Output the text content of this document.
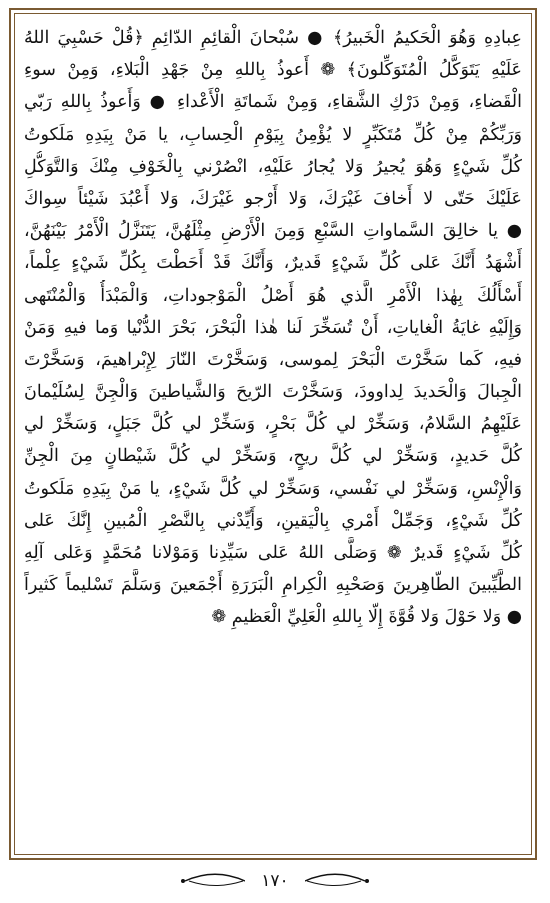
عِبادِهِ وَهُوَ الْحَكيمُ الْخَبيرُ﴾ ● سُبْحانَ الْقائِمِ الدّائِمِ ﴿قُلْ حَسْبِيَ اللهُ
عَلَيْهِ يَتَوَكَّلُ الْمُتَوَكِّلونَ﴾ ❁ أَعوذُ بِاللهِ مِنْ جَهْدِ الْبَلاءِ، وَمِنْ سوءِ
الْقَضاءِ، وَمِنْ دَرْكِ الشَّقاءِ، وَمِنْ شَماتَةِ الْأَعْداءِ ● وَأَعوذُ بِاللهِ رَبّي
وَرَبِّكُمْ مِنْ كُلِّ مُتَكَبِّرٍ لا يُؤْمِنُ بِيَوْمِ الْحِسابِ، يا مَنْ بِيَدِهِ مَلَكوتُ
كُلِّ شَيْءٍ وَهُوَ يُجيرُ وَلا يُجارُ عَلَيْهِ، انْصُرْني بِالْخَوْفِ مِنْكَ وَالتَّوَكُّلِ
عَلَيْكَ حَتّى لا أَخافَ غَيْرَكَ، وَلا أَرْجو غَيْرَكَ، وَلا أَعْبُدَ شَيْئاً سِواكَ
● يا خالِقَ السَّماواتِ السَّبْعِ وَمِنَ الْأَرْضِ مِثْلَهُنَّ، يَتَنَزَّلُ الْأَمْرُ بَيْنَهُنَّ،
أَشْهَدُ أَنَّكَ عَلى كُلِّ شَيْءٍ قَديرٌ، وَأَنَّكَ قَدْ أَحَطْتَ بِكُلِّ شَيْءٍ عِلْماً،
أَسْأَلُكَ بِهٰذا الْأَمْرِ الَّذي هُوَ أَصْلُ الْمَوْجوداتِ، وَالْمَبْدَأُ وَالْمُنْتَهى
وَإِلَيْهِ غايَةُ الْغاياتِ، أَنْ تُسَخِّرَ لَنا هٰذا الْبَحْرَ، بَحْرَ الدُّنْيا وَما فيهِ وَمَنْ
فيهِ، كَما سَخَّرْتَ الْبَحْرَ لِموسى، وَسَخَّرْتَ النّارَ لِإِبْراهيمَ، وَسَخَّرْتَ
الْجِبالَ وَالْحَديدَ لِداوودَ، وَسَخَّرْتَ الرّيحَ وَالشَّياطينَ وَالْجِنَّ لِسُلَيْمانَ
عَلَيْهِمُ السَّلامُ، وَسَخِّرْ لي كُلَّ بَحْرٍ، وَسَخِّرْ لي كُلَّ جَبَلٍ، وَسَخِّرْ لي
كُلَّ حَديدٍ، وَسَخِّرْ لي كُلَّ ريحٍ، وَسَخِّرْ لي كُلَّ شَيْطانٍ مِنَ الْجِنِّ
وَالْإِنْسِ، وَسَخِّرْ لي نَفْسي، وَسَخِّرْ لي كُلَّ شَيْءٍ، يا مَنْ بِيَدِهِ مَلَكوتُ
كُلِّ شَيْءٍ، وَجَمِّلْ أَمْري بِالْيَقينِ، وَأَيِّدْني بِالنَّصْرِ الْمُبينِ إِنَّكَ عَلى
كُلِّ شَيْءٍ قَديرٌ ❁ وَصَلَّى اللهُ عَلى سَيِّدِنا وَمَوْلانا مُحَمَّدٍ وَعَلى آلِهِ
الطَّيِّبينَ الطّاهِرينَ وَصَحْبِهِ الْكِرامِ الْبَرَرَةِ أَجْمَعينَ وَسَلَّمَ تَسْليماً كَثيراً
● وَلا حَوْلَ وَلا قُوَّةَ إِلّا بِاللهِ الْعَلِيِّ الْعَظيمِ ❁
١٧٠
